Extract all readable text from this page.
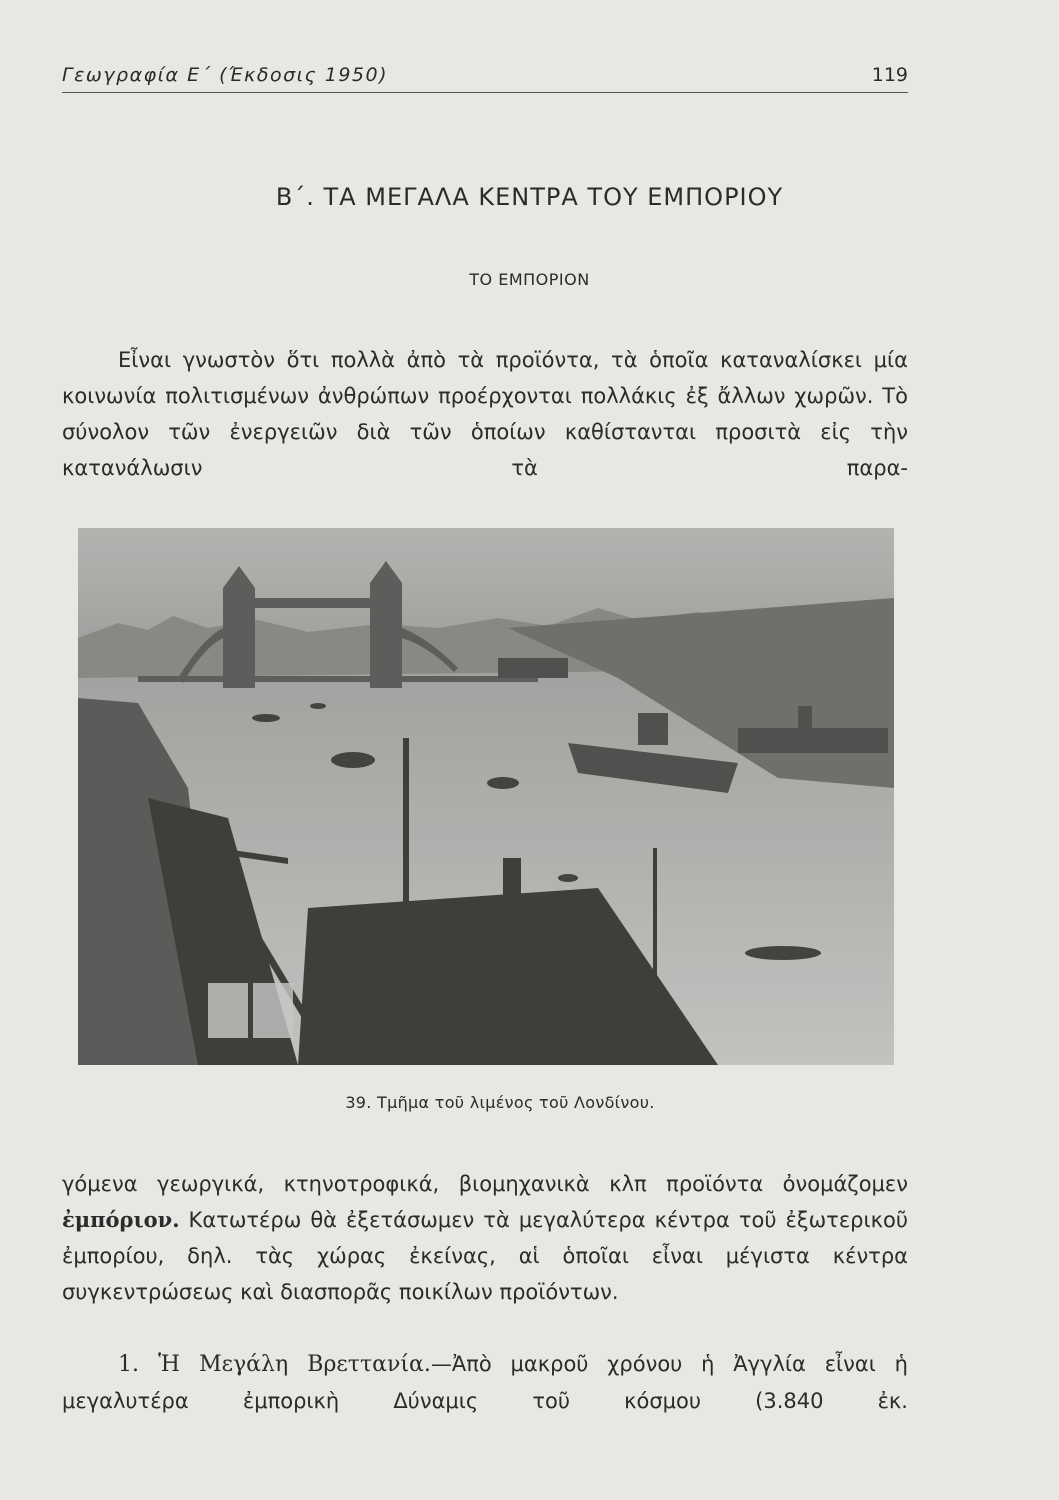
Γεωγραφία Ε΄ (Έκδοσις 1950)	119
Β΄. ΤΑ ΜΕΓΑΛΑ ΚΕΝΤΡΑ ΤΟΥ ΕΜΠΟΡΙΟΥ
ΤΟ ΕΜΠΟΡΙΟΝ

Εἶναι γνωστὸν ὅτι πολλὰ ἀπὸ τὰ προϊόντα, τὰ ὁποῖα καταναλίσκει μία κοινωνία πολιτισμένων ἀνθρώπων προέρχονται πολλάκις ἐξ ἄλλων χωρῶν. Τὸ σύνολον τῶν ἐνεργειῶν διὰ τῶν ὁποίων καθίστανται προσιτὰ εἰς τὴν κατανάλωσιν τὰ παρα-

39. Τμῆμα τοῦ λιμένος τοῦ Λονδίνου.

γόμενα γεωργικά, κτηνοτροφικά, βιομηχανικὰ κλπ προϊόντα ὀνομάζομεν ἐμπόριον. Κατωτέρω θὰ ἐξετάσωμεν τὰ μεγαλύτερα κέντρα τοῦ ἐξωτερικοῦ ἐμπορίου, δηλ. τὰς χώρας ἐκείνας, αἱ ὁποῖαι εἶναι μέγιστα κέντρα συγκεντρώσεως καὶ διασπορᾶς ποικίλων προϊόντων.

1. Ἡ Μεγάλη Βρεττανία.—Ἀπὸ μακροῦ χρόνου ἡ Ἀγγλία εἶναι ἡ μεγαλυτέρα ἐμπορικὴ Δύναμις τοῦ κόσμου (3.840 ἐκ.
